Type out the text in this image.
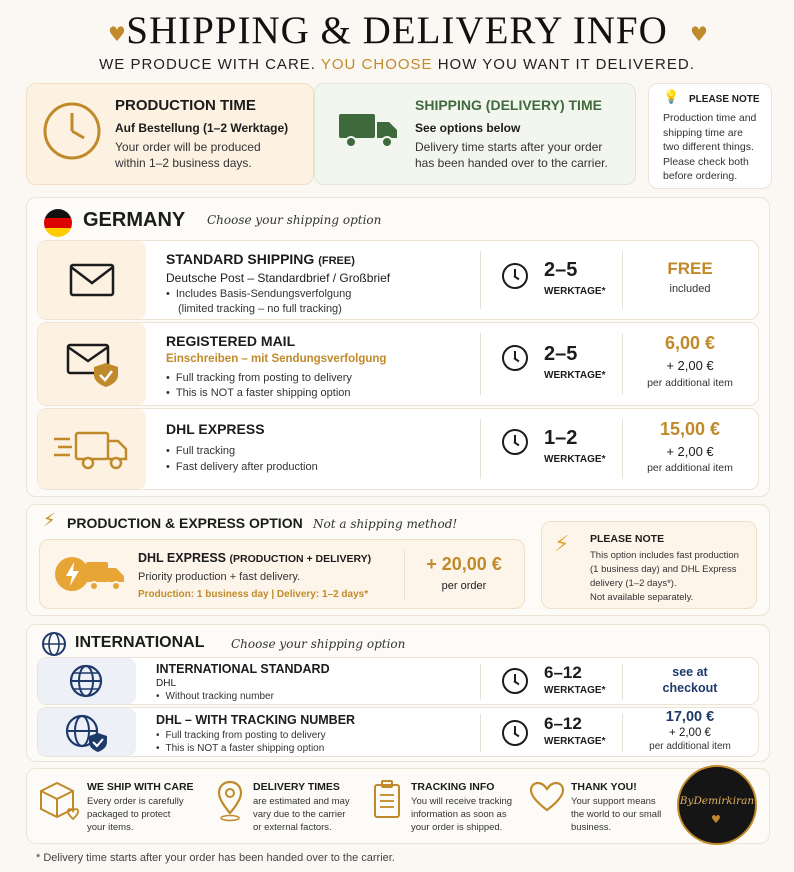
♥ SHIPPING & DELIVERY INFO	♥
WE PRODUCE WITH CARE. YOU CHOOSE HOW YOU WANT IT DELIVERED.
PRODUCTION TIME
Auf Bestellung (1–2 Werktage)
Your order will be produced
within 1–2 business days.
SHIPPING (DELIVERY) TIME
See options below
Delivery time starts after your order
has been handed over to the carrier.
💡 PLEASE NOTE
Production time and
shipping time are
two different things.
Please check both
before ordering.
GERMANY Choose your shipping option
STANDARD SHIPPING (FREE)
Deutsche Post – Standardbrief / Großbrief
• Includes Basis-Sendungsverfolgung
(limited tracking – no full tracking)
2–5
WERKTAGE*
FREE
included
REGISTERED MAIL
Einschreiben – mit Sendungsverfolgung
• Full tracking from posting to delivery
• This is NOT a faster shipping option
2–5
WERKTAGE*
6,00 €
+ 2,00 €
per additional item
DHL EXPRESS
• Full tracking
• Fast delivery after production
1–2
WERKTAGE*
15,00 €
+ 2,00 €
per additional item
⚡ PRODUCTION & EXPRESS OPTION Not a shipping method!
DHL EXPRESS (PRODUCTION + DELIVERY)
Priority production + fast delivery.
Production: 1 business day | Delivery: 1–2 days*
+ 20,00 €
per order
⚡ PLEASE NOTE
This option includes fast production
(1 business day) and DHL Express
delivery (1–2 days*).
Not available separately.
INTERNATIONAL Choose your shipping option
INTERNATIONAL STANDARD
DHL
• Without tracking number
6–12
WERKTAGE*
see at
checkout
DHL – WITH TRACKING NUMBER
• Full tracking from posting to delivery
• This is NOT a faster shipping option
6–12
WERKTAGE*
17,00 €
+ 2,00 €
per additional item
WE SHIP WITH CARE
Every order is carefully
packaged to protect
your items.
DELIVERY TIMES
are estimated and may
vary due to the carrier
or external factors.
TRACKING INFO
You will receive tracking
information as soon as
your order is shipped.
THANK YOU!
Your support means
the world to our small
business.
ByDemirkiran
♥
* Delivery time starts after your order has been handed over to the carrier.
